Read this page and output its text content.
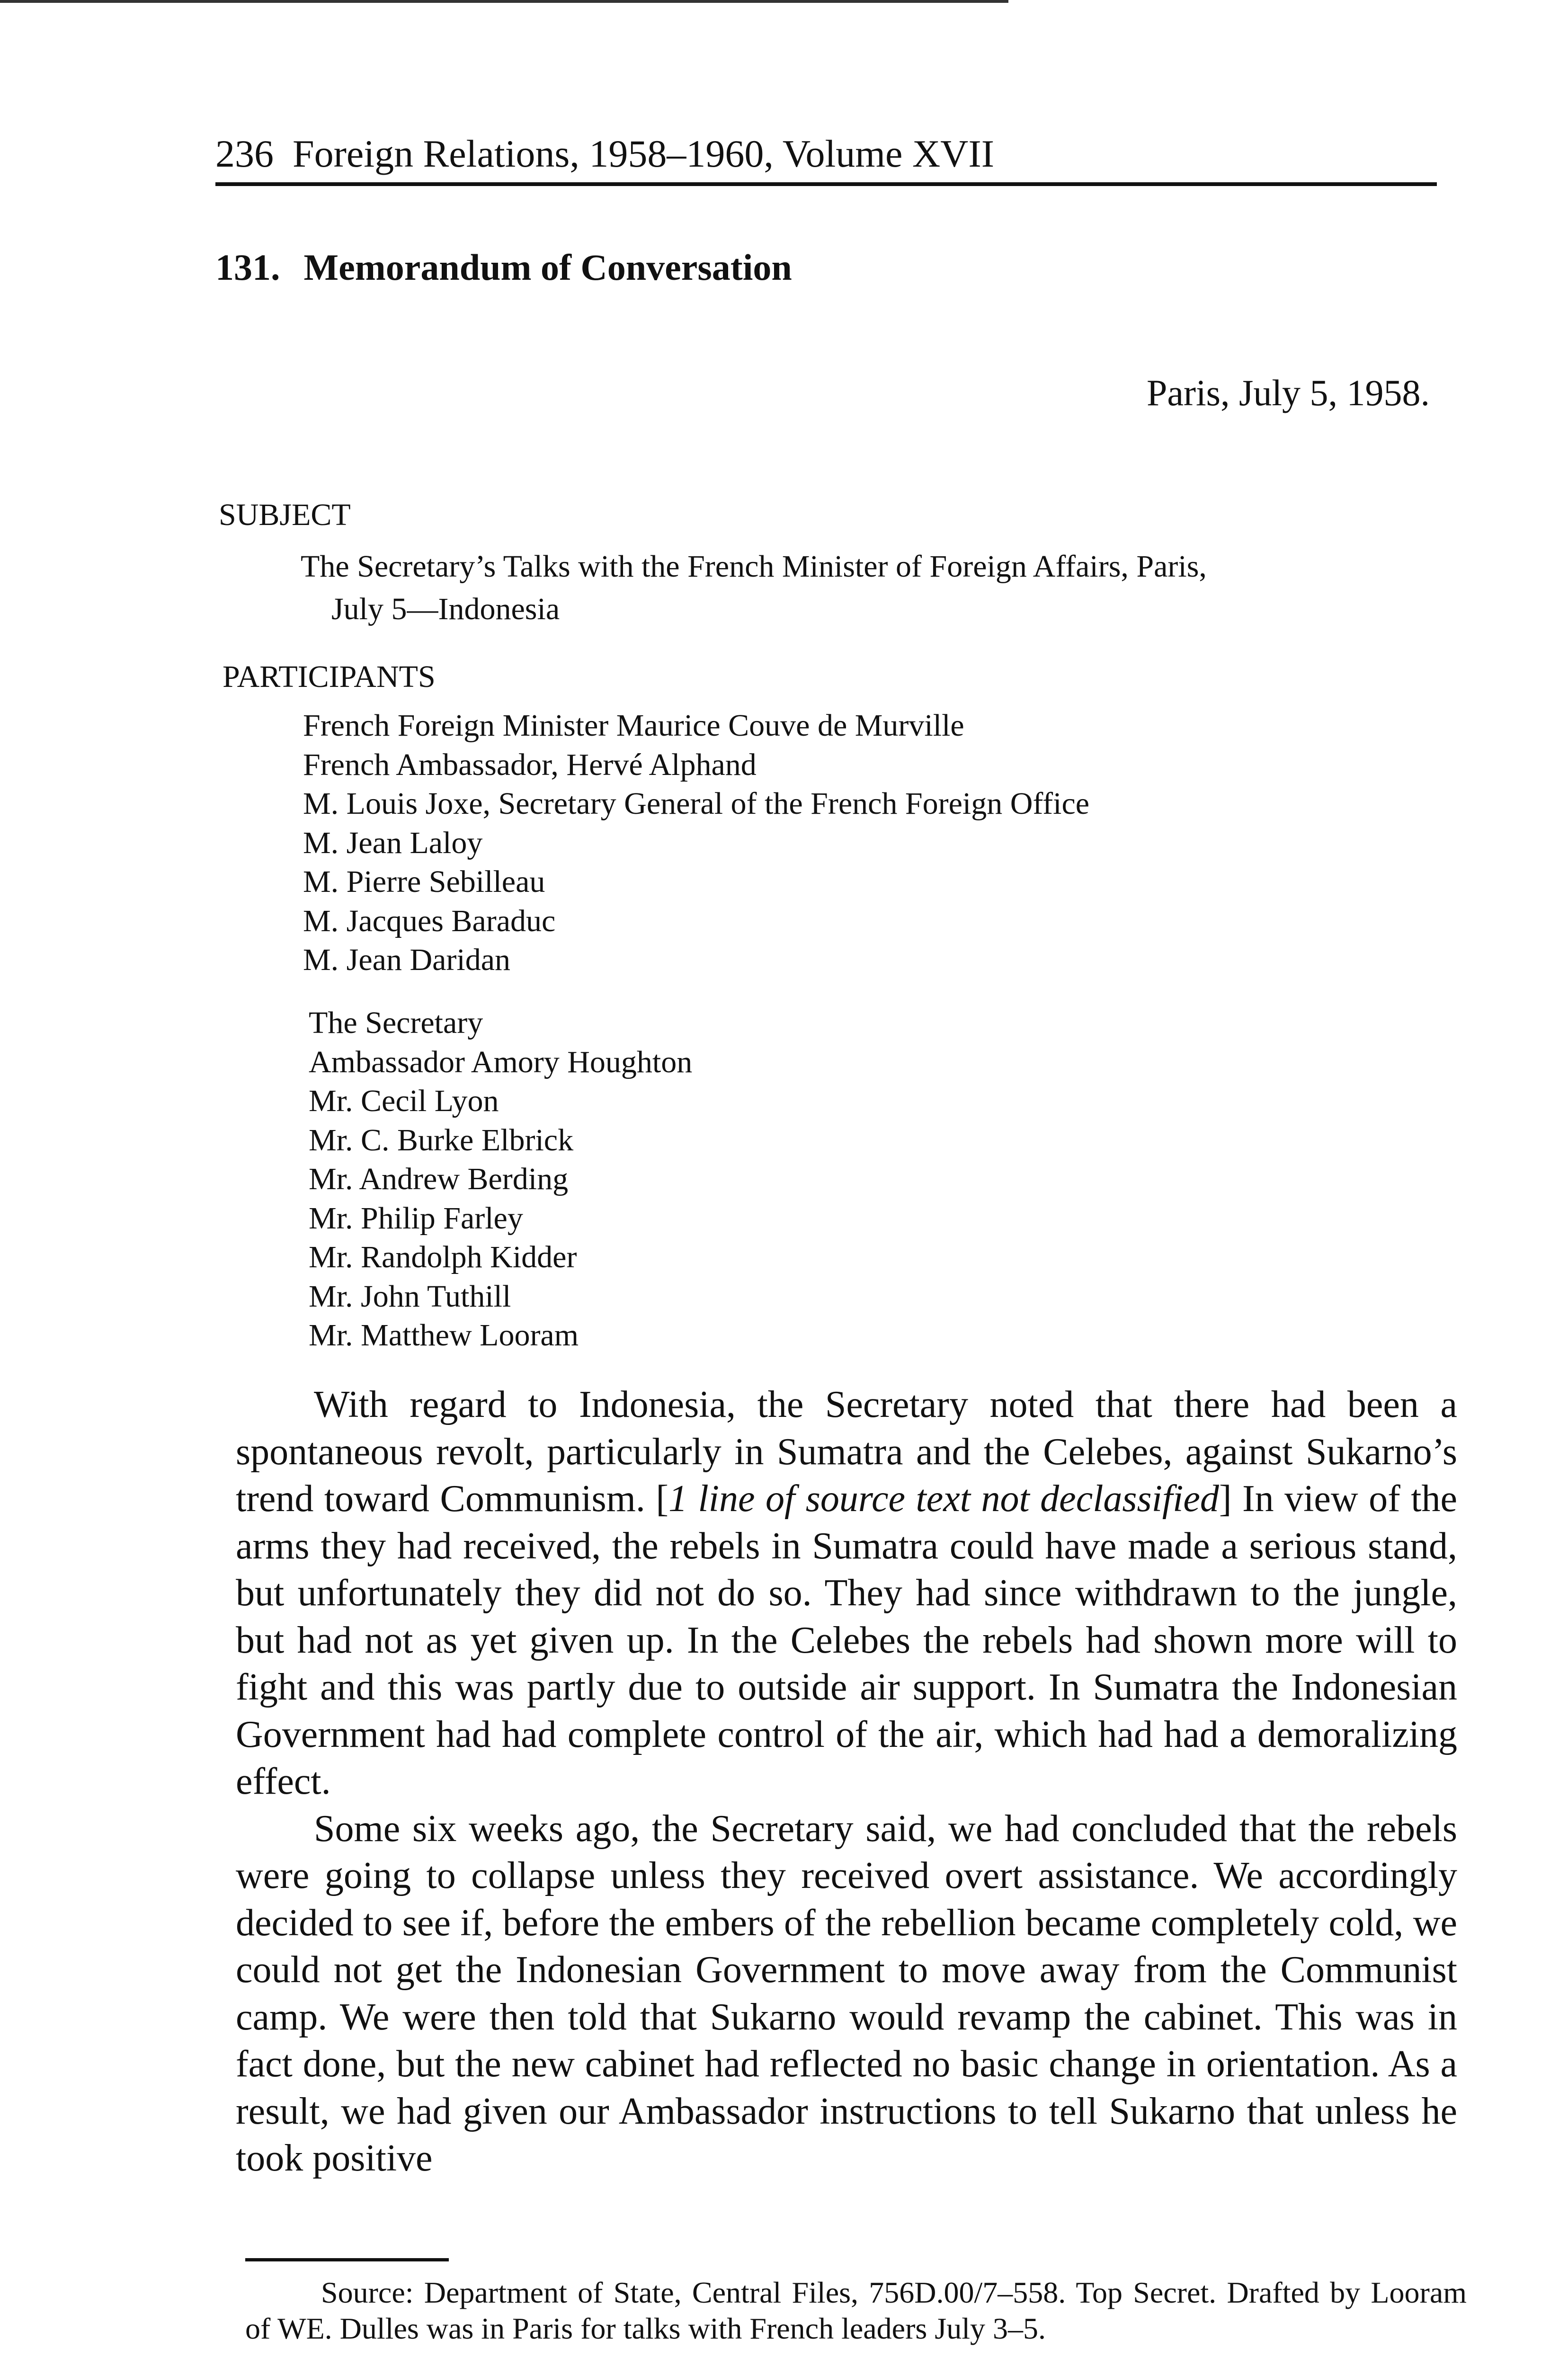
236 Foreign Relations, 1958–1960, Volume XVII
131. Memorandum of Conversation
Paris, July 5, 1958.
SUBJECT
The Secretary’s Talks with the French Minister of Foreign Affairs, Paris,
July 5—Indonesia
PARTICIPANTS
French Foreign Minister Maurice Couve de Murville
French Ambassador, Hervé Alphand
M. Louis Joxe, Secretary General of the French Foreign Office
M. Jean Laloy
M. Pierre Sebilleau
M. Jacques Baraduc
M. Jean Daridan
The Secretary
Ambassador Amory Houghton
Mr. Cecil Lyon
Mr. C. Burke Elbrick
Mr. Andrew Berding
Mr. Philip Farley
Mr. Randolph Kidder
Mr. John Tuthill
Mr. Matthew Looram

With regard to Indonesia, the Secretary noted that there had been a spontaneous revolt, particularly in Sumatra and the Celebes, against Sukarno’s trend toward Communism. [1 line of source text not declassified] In view of the arms they had received, the rebels in Sumatra could have made a serious stand, but unfortunately they did not do so. They had since withdrawn to the jungle, but had not as yet given up. In the Celebes the rebels had shown more will to fight and this was partly due to outside air support. In Sumatra the Indonesian Government had had complete control of the air, which had had a demoralizing effect.

Some six weeks ago, the Secretary said, we had concluded that the rebels were going to collapse unless they received overt assistance. We accordingly decided to see if, before the embers of the rebellion became completely cold, we could not get the Indonesian Government to move away from the Communist camp. We were then told that Sukarno would revamp the cabinet. This was in fact done, but the new cabinet had reflected no basic change in orientation. As a result, we had given our Ambassador instructions to tell Sukarno that unless he took positive

Source: Department of State, Central Files, 756D.00/7–558. Top Secret. Drafted by Looram of WE. Dulles was in Paris for talks with French leaders July 3–5.
